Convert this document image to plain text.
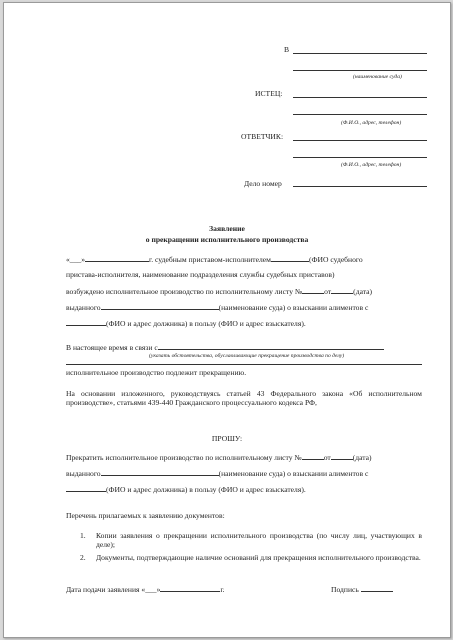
В
(наименование суда)
ИСТЕЦ:
(Ф.И.О., адрес, телефон)
ОТВЕТЧИК:
(Ф.И.О., адрес, телефон)
Дело номер
Заявление
о прекращении исполнительного производства
«___»	г. судебным приставом-исполнителем	(ФИО судебного
пристава-исполнителя, наименование подразделения службы судебных приставов)
возбуждено исполнительное производство по исполнительному листу №	от	(дата)
выданного	(наименование суда) о взыскании алиментов с
(ФИО и адрес должника) в пользу (ФИО и адрес взыскателя).
В настоящее время в связи с
(указать обстоятельства, обуславливающие прекращение производства по делу)
исполнительное производство подлежит прекращению.
На основании изложенного, руководствуясь статьей 43 Федерального закона «Об исполнительном производстве», статьями 439-440 Гражданского процессуального кодекса РФ,
ПРОШУ:
Прекратить исполнительное производство по исполнительному листу №	от	(дата)
выданного	(наименование суда) о взыскании алиментов с
(ФИО и адрес должника) в пользу (ФИО и адрес взыскателя).
Перечень прилагаемых к заявлению документов:
1. Копии заявления о прекращении исполнительного производства (по числу лиц, участвующих в деле);
2. Документы, подтверждающие наличие оснований для прекращения исполнительного производства.
Дата подачи заявления «___»	г.	Подпись
